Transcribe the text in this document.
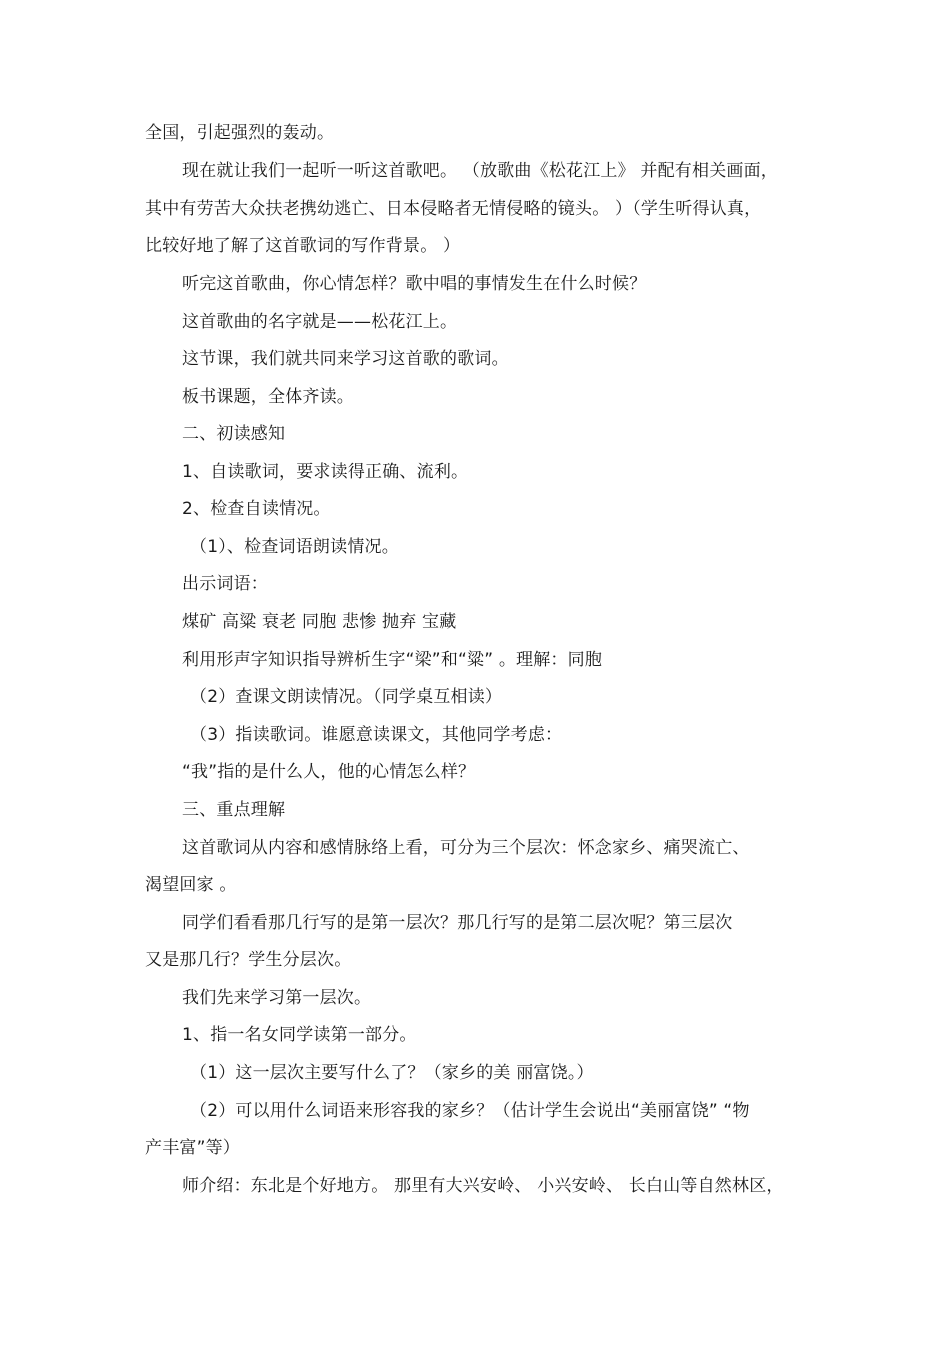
全国，引起强烈的轰动。
现在就让我们一起听一听这首歌吧。 （放歌曲《松花江上》 并配有相关画面，
其中有劳苦大众扶老携幼逃亡、日本侵略者无情侵略的镜头。 ）（学生听得认真，
比较好地了解了这首歌词的写作背景。 ）
听完这首歌曲，你心情怎样？歌中唱的事情发生在什么时候？
这首歌曲的名字就是——松花江上。
这节课，我们就共同来学习这首歌的歌词。
板书课题，全体齐读。
二、初读感知
1、自读歌词，要求读得正确、流利。
2、检查自读情况。
（1）、检查词语朗读情况。
出示词语：
煤矿 高粱 衰老 同胞 悲惨 抛弃 宝藏
利用形声字知识指导辨析生字“梁”和“粱” 。理解：同胞
（2）查课文朗读情况。（同学桌互相读）
（3）指读歌词。谁愿意读课文，其他同学考虑：
“我”指的是什么人，他的心情怎么样？
三、重点理解
这首歌词从内容和感情脉络上看，可分为三个层次：怀念家乡、痛哭流亡、
渴望回家 。
同学们看看那几行写的是第一层次？那几行写的是第二层次呢？第三层次
又是那几行？学生分层次。
我们先来学习第一层次。
1、指一名女同学读第一部分。
（1）这一层次主要写什么了？（家乡的美 丽富饶。）
（2）可以用什么词语来形容我的家乡？（估计学生会说出“美丽富饶” “物
产丰富”等）
师介绍：东北是个好地方。 那里有大兴安岭、 小兴安岭、 长白山等自然林区，
